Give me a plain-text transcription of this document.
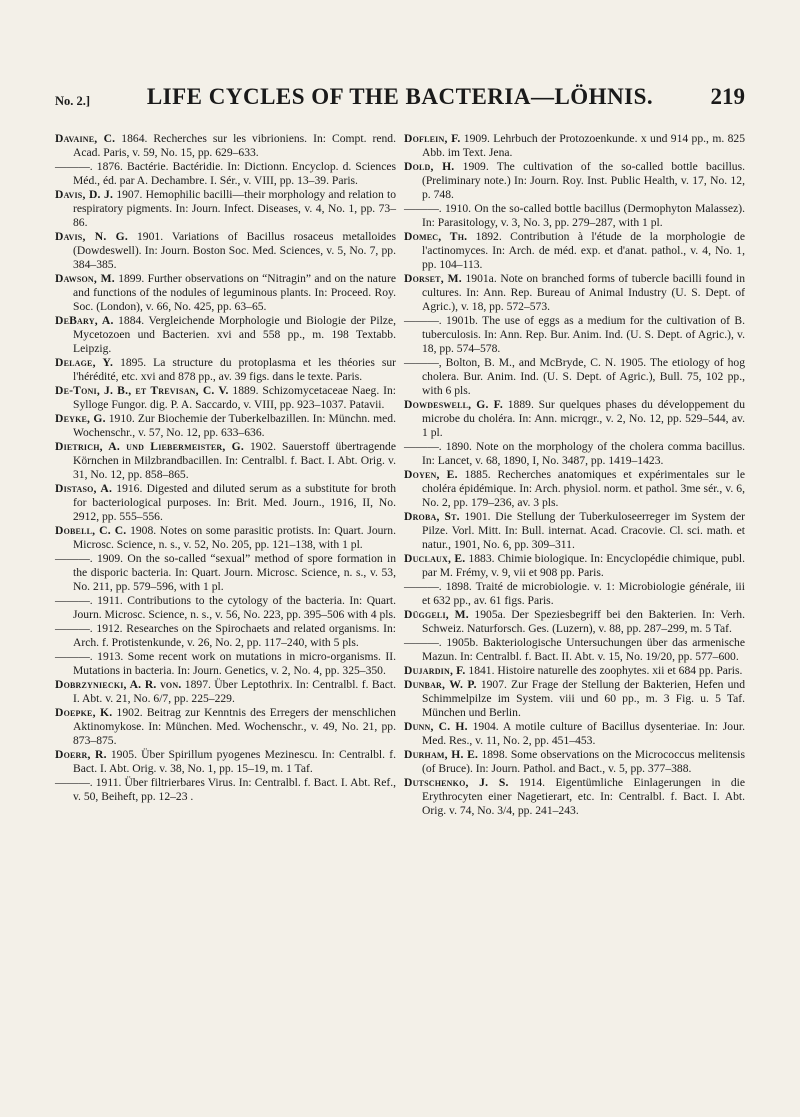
No. 2.]	LIFE CYCLES OF THE BACTERIA—LÖHNIS.	219

Davaine, C. 1864. Recherches sur les vibrioniens. In: Compt. rend. Acad. Paris, v. 59, No. 15, pp. 629–633.

———. 1876. Bactérie. Bactéridie. In: Dictionn. Encyclop. d. Sciences Méd., éd. par A. Dechambre. I. Sér., v. VIII, pp. 13–39. Paris.

Davis, D. J. 1907. Hemophilic bacilli—their morphology and relation to respiratory pigments. In: Journ. Infect. Diseases, v. 4, No. 1, pp. 73–86.

Davis, N. G. 1901. Variations of Bacillus rosaceus metalloides (Dowdeswell). In: Journ. Boston Soc. Med. Sciences, v. 5, No. 7, pp. 384–385.

Dawson, M. 1899. Further observations on “Nitragin” and on the nature and functions of the nodules of leguminous plants. In: Proceed. Roy. Soc. (London), v. 66, No. 425, pp. 63–65.

DeBary, A. 1884. Vergleichende Morphologie und Biologie der Pilze, Mycetozoen und Bacterien. xvi and 558 pp., m. 198 Textabb. Leipzig.

Delage, Y. 1895. La structure du protoplasma et les théories sur l'hérédité, etc. xvi and 878 pp., av. 39 figs. dans le texte. Paris.

De-Toni, J. B., et Trevisan, C. V. 1889. Schizomycetaceae Naeg. In: Sylloge Fungor. dig. P. A. Saccardo, v. VIII, pp. 923–1037. Patavii.

Deyke, G. 1910. Zur Biochemie der Tuberkelbazillen. In: Münchn. med. Wochenschr., v. 57, No. 12, pp. 633–636.

Dietrich, A. und Liebermeister, G. 1902. Sauerstoff übertragende Körnchen in Milzbrandbacillen. In: Centralbl. f. Bact. I. Abt. Orig. v. 31, No. 12, pp. 858–865.

Distaso, A. 1916. Digested and diluted serum as a substitute for broth for bacteriological purposes. In: Brit. Med. Journ., 1916, II, No. 2912, pp. 555–556.

Dobell, C. C. 1908. Notes on some parasitic protists. In: Quart. Journ. Microsc. Science, n. s., v. 52, No. 205, pp. 121–138, with 1 pl.

———. 1909. On the so-called “sexual” method of spore formation in the disporic bacteria. In: Quart. Journ. Microsc. Science, n. s., v. 53, No. 211, pp. 579–596, with 1 pl.

———. 1911. Contributions to the cytology of the bacteria. In: Quart. Journ. Microsc. Science, n. s., v. 56, No. 223, pp. 395–506 with 4 pls.

———. 1912. Researches on the Spirochaets and related organisms. In: Arch. f. Protistenkunde, v. 26, No. 2, pp. 117–240, with 5 pls.

———. 1913. Some recent work on mutations in micro-organisms. II. Mutations in bacteria. In: Journ. Genetics, v. 2, No. 4, pp. 325–350.

Dobrzyniecki, A. R. von. 1897. Über Leptothrix. In: Centralbl. f. Bact. I. Abt. v. 21, No. 6/7, pp. 225–229.

Doepke, K. 1902. Beitrag zur Kenntnis des Erregers der menschlichen Aktinomykose. In: München. Med. Wochenschr., v. 49, No. 21, pp. 873–875.

Doerr, R. 1905. Über Spirillum pyogenes Mezinescu. In: Centralbl. f. Bact. I. Abt. Orig. v. 38, No. 1, pp. 15–19, m. 1 Taf.

———. 1911. Über filtrierbares Virus. In: Centralbl. f. Bact. I. Abt. Ref., v. 50, Beiheft, pp. 12–23 .

Doflein, F. 1909. Lehrbuch der Protozoenkunde. x und 914 pp., m. 825 Abb. im Text. Jena.

Dold, H. 1909. The cultivation of the so-called bottle bacillus. (Preliminary note.) In: Journ. Roy. Inst. Public Health, v. 17, No. 12, p. 748.

———. 1910. On the so-called bottle bacillus (Dermophyton Malassez). In: Parasitology, v. 3, No. 3, pp. 279–287, with 1 pl.

Domec, Th. 1892. Contribution à l'étude de la morphologie de l'actinomyces. In: Arch. de méd. exp. et d'anat. pathol., v. 4, No. 1, pp. 104–113.

Dorset, M. 1901a. Note on branched forms of tubercle bacilli found in cultures. In: Ann. Rep. Bureau of Animal Industry (U. S. Dept. of Agric.), v. 18, pp. 572–573.

———. 1901b. The use of eggs as a medium for the cultivation of B. tuberculosis. In: Ann. Rep. Bur. Anim. Ind. (U. S. Dept. of Agric.), v. 18, pp. 574–578.

———, Bolton, B. M., and McBryde, C. N. 1905. The etiology of hog cholera. Bur. Anim. Ind. (U. S. Dept. of Agric.), Bull. 75, 102 pp., with 6 pls.

Dowdeswell, G. F. 1889. Sur quelques phases du développement du microbe du choléra. In: Ann. micrqgr., v. 2, No. 12, pp. 529–544, av. 1 pl.

———. 1890. Note on the morphology of the cholera comma bacillus. In: Lancet, v. 68, 1890, I, No. 3487, pp. 1419–1423.

Doyen, E. 1885. Recherches anatomiques et expérimentales sur le choléra épidémique. In: Arch. physiol. norm. et pathol. 3me sér., v. 6, No. 2, pp. 179–236, av. 3 pls.

Droba, St. 1901. Die Stellung der Tuberkuloseerreger im System der Pilze. Vorl. Mitt. In: Bull. internat. Acad. Cracovie. Cl. sci. math. et natur., 1901, No. 6, pp. 309–311.

Duclaux, E. 1883. Chimie biologique. In: Encyclopédie chimique, publ. par M. Frémy, v. 9, vii et 908 pp. Paris.

———. 1898. Traité de microbiologie. v. 1: Microbiologie générale, iii et 632 pp., av. 61 figs. Paris.

Düggeli, M. 1905a. Der Speziesbegriff bei den Bakterien. In: Verh. Schweiz. Naturforsch. Ges. (Luzern), v. 88, pp. 287–299, m. 5 Taf.

———. 1905b. Bakteriologische Untersuchungen über das armenische Mazun. In: Centralbl. f. Bact. II. Abt. v. 15, No. 19/20, pp. 577–600.

Dujardin, F. 1841. Histoire naturelle des zoophytes. xii et 684 pp. Paris.

Dunbar, W. P. 1907. Zur Frage der Stellung der Bakterien, Hefen und Schimmelpilze im System. viii und 60 pp., m. 3 Fig. u. 5 Taf. München und Berlin.

Dunn, C. H. 1904. A motile culture of Bacillus dysenteriae. In: Jour. Med. Res., v. 11, No. 2, pp. 451–453.

Durham, H. E. 1898. Some observations on the Micrococcus melitensis (of Bruce). In: Journ. Pathol. and Bact., v. 5, pp. 377–388.

Dutschenko, J. S. 1914. Eigentümliche Einlagerungen in die Erythrocyten einer Nagetierart, etc. In: Centralbl. f. Bact. I. Abt. Orig. v. 74, No. 3/4, pp. 241–243.
